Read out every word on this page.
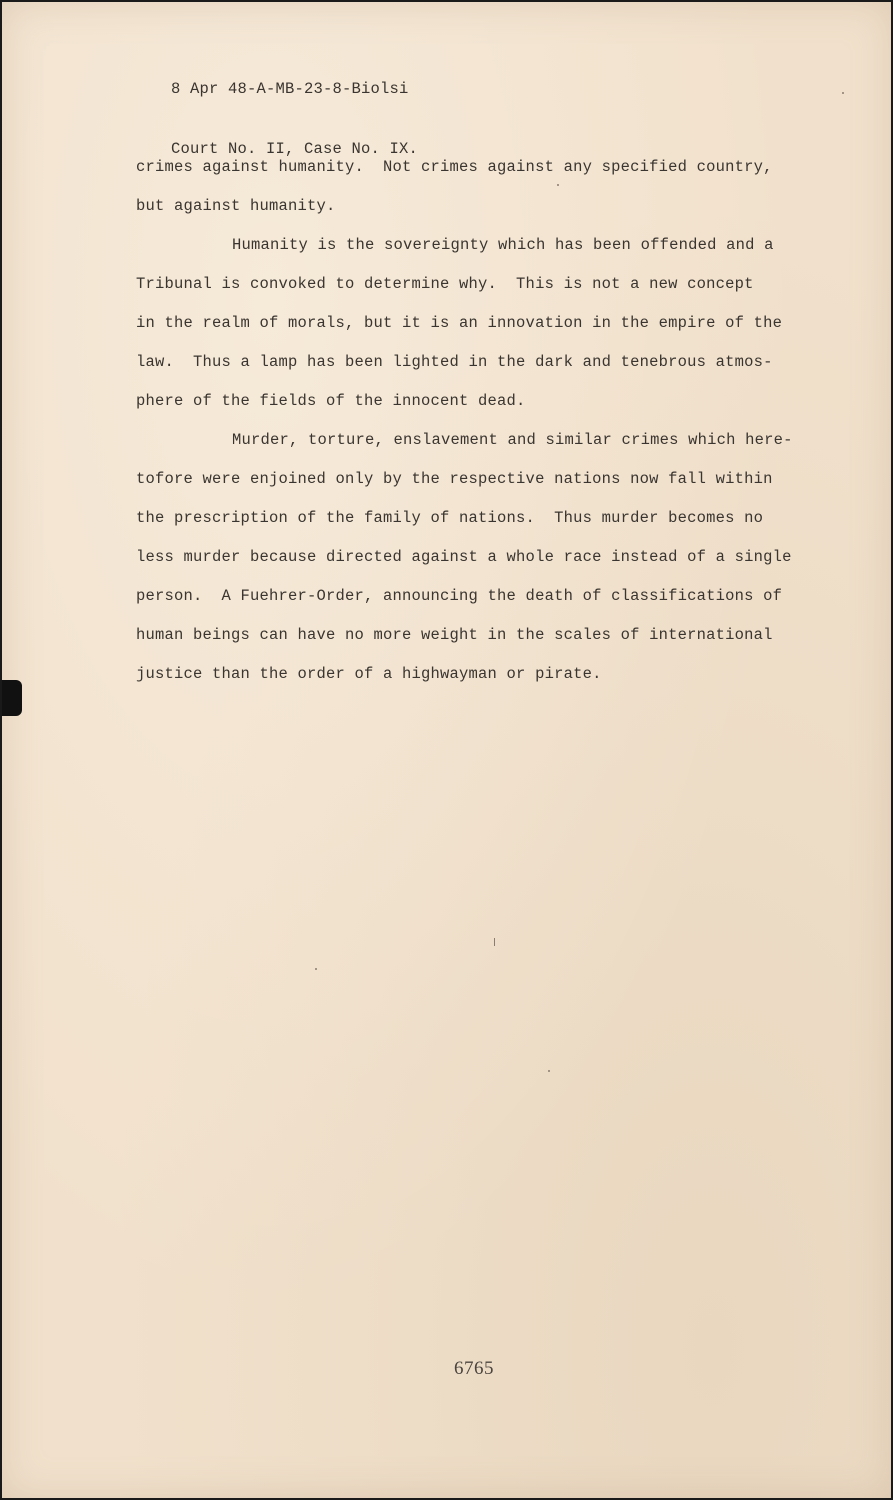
8 Apr 48-A-MB-23-8-Biolsi

Court No. II, Case No. IX.

crimes against humanity.  Not crimes against any specified country,
but against humanity.
Humanity is the sovereignty which has been offended and a
Tribunal is convoked to determine why.  This is not a new concept
in the realm of morals, but it is an innovation in the empire of the
law.  Thus a lamp has been lighted in the dark and tenebrous atmos-
phere of the fields of the innocent dead.
Murder, torture, enslavement and similar crimes which here-
tofore were enjoined only by the respective nations now fall within
the prescription of the family of nations.  Thus murder becomes no
less murder because directed against a whole race instead of a single
person.  A Fuehrer-Order, announcing the death of classifications of
human beings can have no more weight in the scales of international
justice than the order of a highwayman or pirate.
6765
